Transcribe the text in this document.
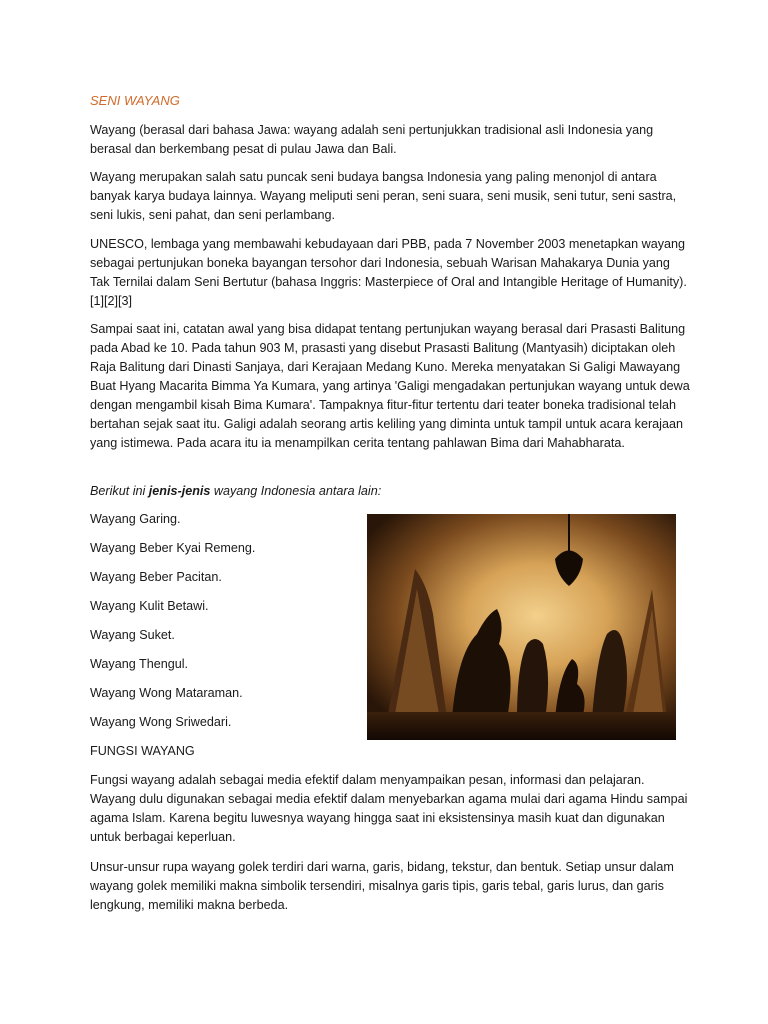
SENI WAYANG

Wayang (berasal dari bahasa Jawa: wayang adalah seni pertunjukkan tradisional asli Indonesia yang berasal dan berkembang pesat di pulau Jawa dan Bali.

Wayang merupakan salah satu puncak seni budaya bangsa Indonesia yang paling menonjol di antara banyak karya budaya lainnya. Wayang meliputi seni peran, seni suara, seni musik, seni tutur, seni sastra, seni lukis, seni pahat, dan seni perlambang.

UNESCO, lembaga yang membawahi kebudayaan dari PBB, pada 7 November 2003 menetapkan wayang sebagai pertunjukan boneka bayangan tersohor dari Indonesia, sebuah Warisan Mahakarya Dunia yang Tak Ternilai dalam Seni Bertutur (bahasa Inggris: Masterpiece of Oral and Intangible Heritage of Humanity).[1][2][3]

Sampai saat ini, catatan awal yang bisa didapat tentang pertunjukan wayang berasal dari Prasasti Balitung pada Abad ke 10. Pada tahun 903 M, prasasti yang disebut Prasasti Balitung (Mantyasih) diciptakan oleh Raja Balitung dari Dinasti Sanjaya, dari Kerajaan Medang Kuno. Mereka menyatakan Si Galigi Mawayang Buat Hyang Macarita Bimma Ya Kumara, yang artinya 'Galigi mengadakan pertunjukan wayang untuk dewa dengan mengambil kisah Bima Kumara'. Tampaknya fitur-fitur tertentu dari teater boneka tradisional telah bertahan sejak saat itu. Galigi adalah seorang artis keliling yang diminta untuk tampil untuk acara kerajaan yang istimewa. Pada acara itu ia menampilkan cerita tentang pahlawan Bima dari Mahabharata.

Berikut ini jenis-jenis wayang Indonesia antara lain:

Wayang Garing.
Wayang Beber Kyai Remeng.
Wayang Beber Pacitan.
Wayang Kulit Betawi.
Wayang Suket.
Wayang Thengul.
Wayang Wong Mataraman.
Wayang Wong Sriwedari.

FUNGSI WAYANG

Fungsi wayang adalah sebagai media efektif dalam menyampaikan pesan, informasi dan pelajaran. Wayang dulu digunakan sebagai media efektif dalam menyebarkan agama mulai dari agama Hindu sampai agama Islam. Karena begitu luwesnya wayang hingga saat ini eksistensinya masih kuat dan digunakan untuk berbagai keperluan.

Unsur-unsur rupa wayang golek terdiri dari warna, garis, bidang, tekstur, dan bentuk. Setiap unsur dalam wayang golek memiliki makna simbolik tersendiri, misalnya garis tipis, garis tebal, garis lurus, dan garis lengkung, memiliki makna berbeda.
